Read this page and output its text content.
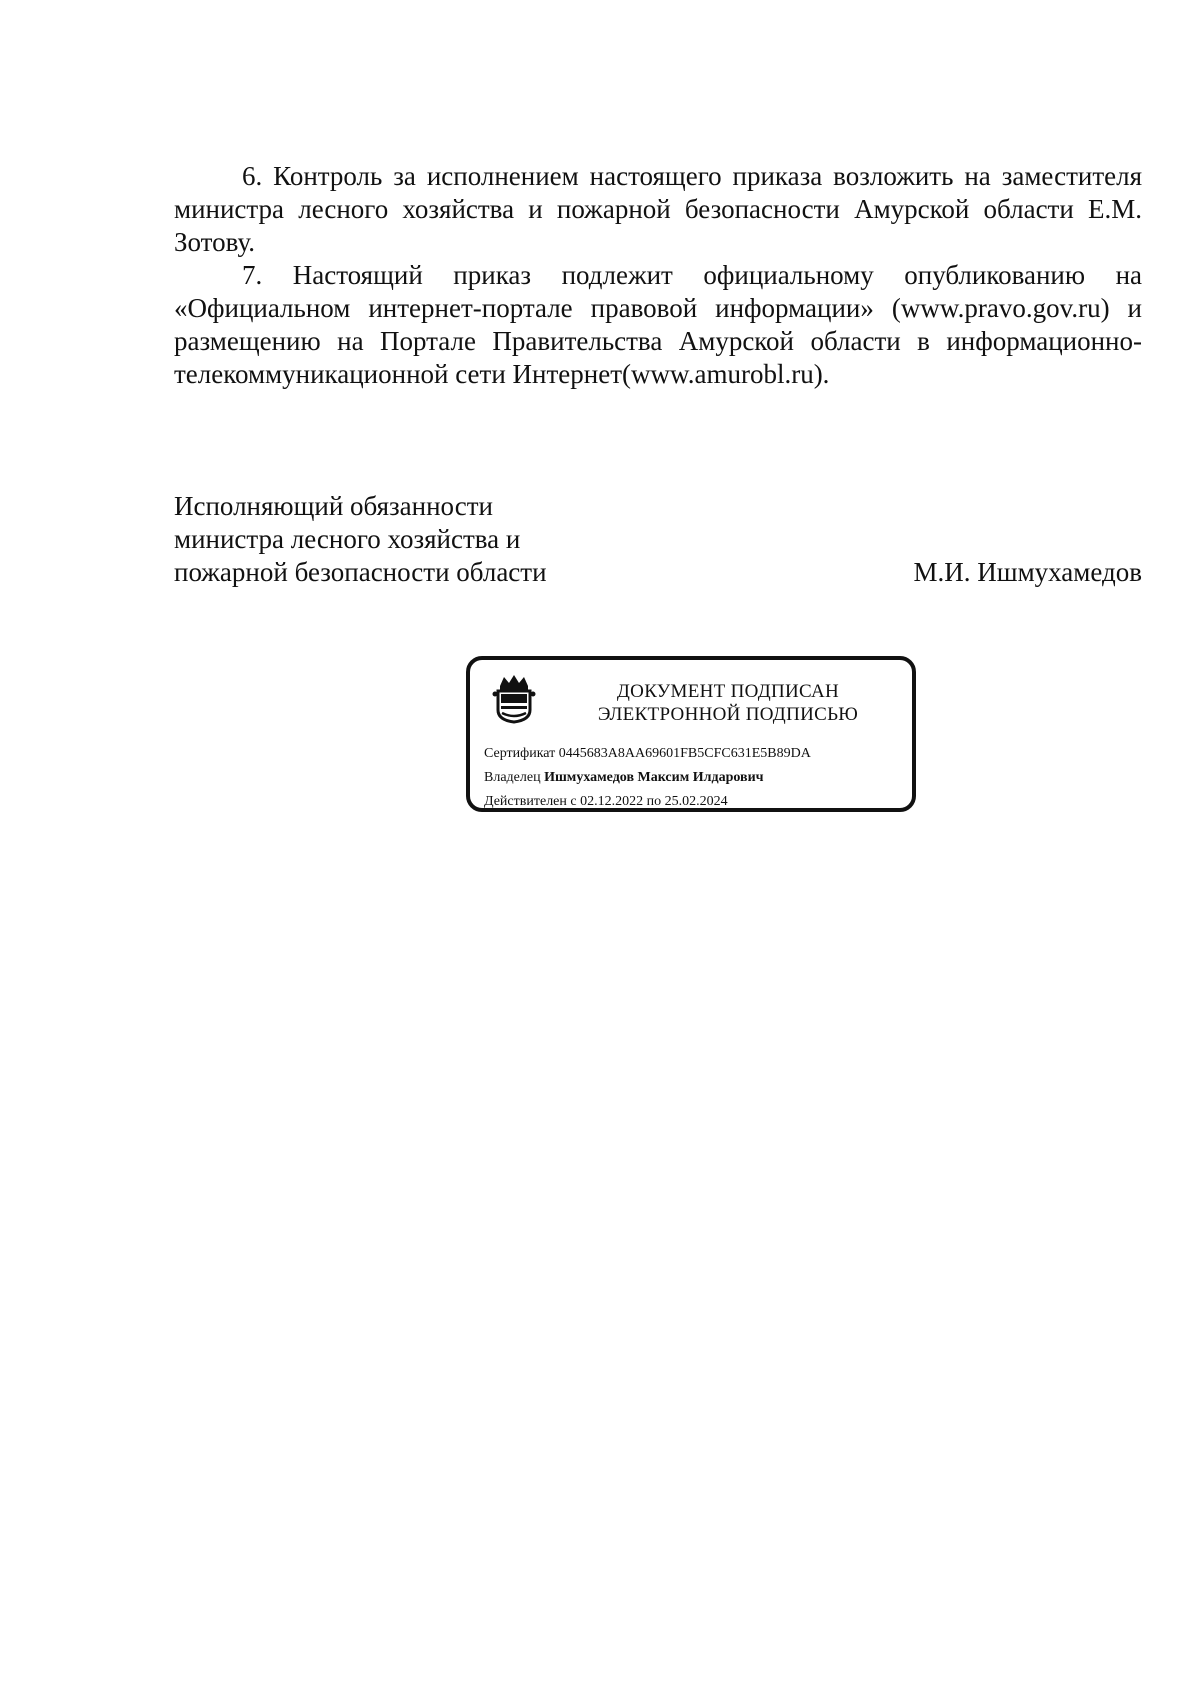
6. Контроль за исполнением настоящего приказа возложить на заместителя министра лесного хозяйства и пожарной безопасности Амурской области Е.М. Зотову.

7. Настоящий приказ подлежит официальному опубликованию на «Официальном интернет-портале правовой информации» (www.pravo.gov.ru) и размещению на Портале Правительства Амурской области в информационно-телекоммуникационной сети Интернет(www.amurobl.ru).

Исполняющий обязанности
министра лесного хозяйства и
пожарной безопасности области	М.И. Ишмухамедов
ДОКУМЕНТ ПОДПИСАН
ЭЛЕКТРОННОЙ ПОДПИСЬЮ
Сертификат 0445683A8AA69601FB5CFC631E5B89DA
Владелец Ишмухамедов Максим Илдарович
Действителен с 02.12.2022 по 25.02.2024
